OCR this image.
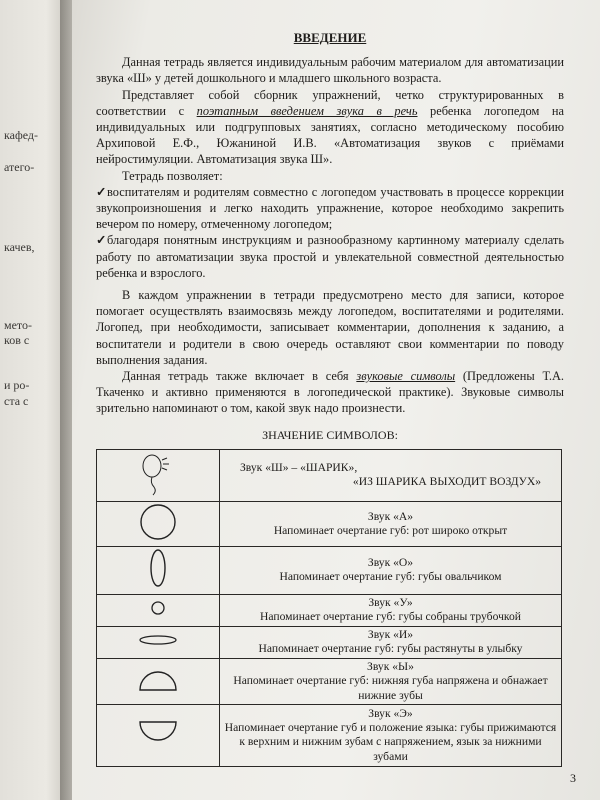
кафед-
атего-
качев,
мето-
ков с
и ро-
ста с
ВВЕДЕНИЕ

Данная тетрадь является индивидуальным рабочим материалом для автоматизации звука «Ш» у детей дошкольного и младшего школьного возраста.

Представляет собой сборник упражнений, четко структурированных в соответствии с поэтапным введением звука в речь ребенка логопедом на индивидуальных или подгрупповых занятиях, согласно методическому пособию Архиповой Е.Ф., Южаниной И.В. «Автоматизация звуков с приёмами нейростимуляции. Автоматизация звука Ш».

Тетрадь позволяет:

✓воспитателям и родителям совместно с логопедом участвовать в процессе коррекции звукопроизношения и легко находить упражнение, которое необходимо закрепить вечером по номеру, отмеченному логопедом;

✓благодаря понятным инструкциям и разнообразному картинному материалу сделать работу по автоматизации звука простой и увлекательной совместной деятельностью ребенка и взрослого.

В каждом упражнении в тетради предусмотрено место для записи, которое помогает осуществлять взаимосвязь между логопедом, воспитателями и родителями. Логопед, при необходимости, записывает комментарии, дополнения к заданию, а воспитатели и родители в свою очередь оставляют свои комментарии по поводу выполнения задания.

Данная тетрадь также включает в себя звуковые символы (Предложены Т.А. Ткаченко и активно применяются в логопедической практике). Звуковые символы зрительно напоминают о том, какой звук надо произнести.

ЗНАЧЕНИЕ СИМВОЛОВ:

Звук «Ш» – «ШАРИК»,
«ИЗ ШАРИКА ВЫХОДИТ ВОЗДУХ»

Звук «А»
Напоминает очертание губ: рот широко открыт

Звук «О»
Напоминает очертание губ: губы овальчиком

Звук «У»
Напоминает очертание губ: губы собраны трубочкой

Звук «И»
Напоминает очертание губ: губы растянуты в улыбку

Звук «Ы»
Напоминает очертание губ: нижняя губа напряжена и обнажает нижние зубы

Звук «Э»
Напоминает очертание губ и положение языка: губы прижимаются к верхним и нижним зубам с напряжением, язык за нижними зубами
3
